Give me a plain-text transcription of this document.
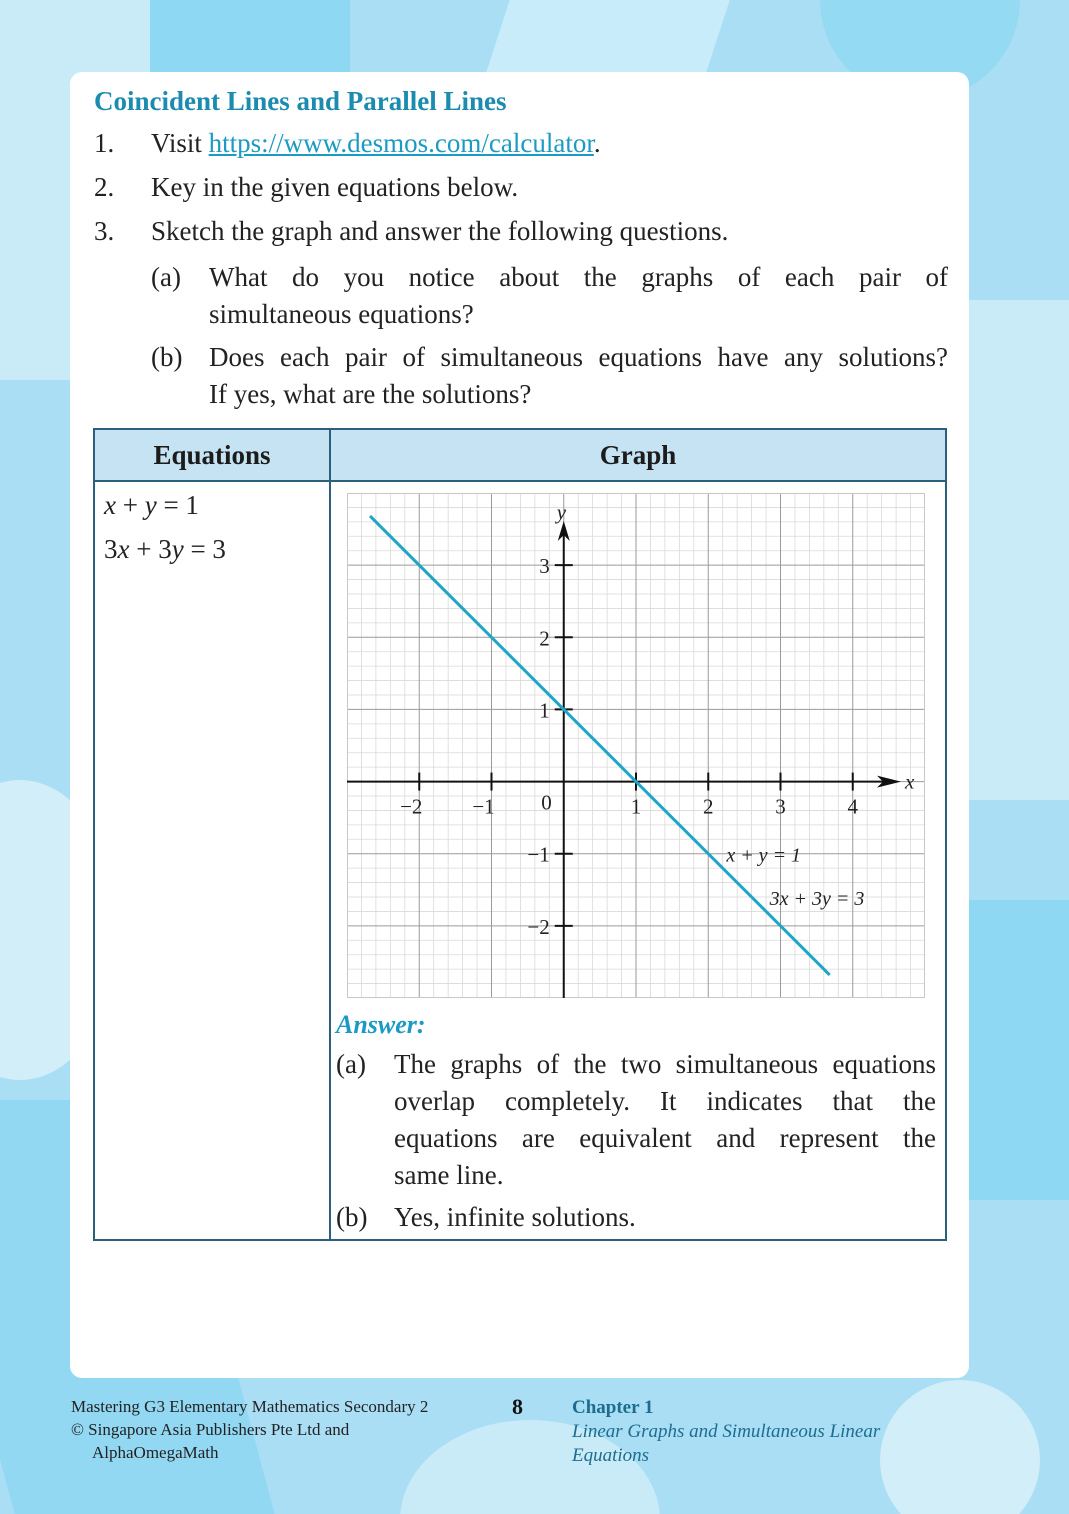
Coincident Lines and Parallel Lines
1. Visit https://www.desmos.com/calculator.
2. Key in the given equations below.
3. Sketch the graph and answer the following questions.
(a) What do you notice about the graphs of each pair of
simultaneous equations?
(b) Does each pair of simultaneous equations have any solutions?
If yes, what are the solutions?
Equations	Graph

x + y = 1
3x + 3y = 3	

x
y
−2 −1	1	2	3	4
−2
−1
1
2
3
0
x + y = 1
3x + 3y = 3
Answer:
(a) The graphs of the two simultaneous equations
overlap completely. It indicates that the
equations are equivalent and represent the
same line.
(b) Yes, infinite solutions.
Mastering G3 Elementary Mathematics Secondary 2
© Singapore Asia Publishers Pte Ltd and
AlphaOmegaMath
8	Chapter 1
Linear Graphs and Simultaneous Linear
Equations
